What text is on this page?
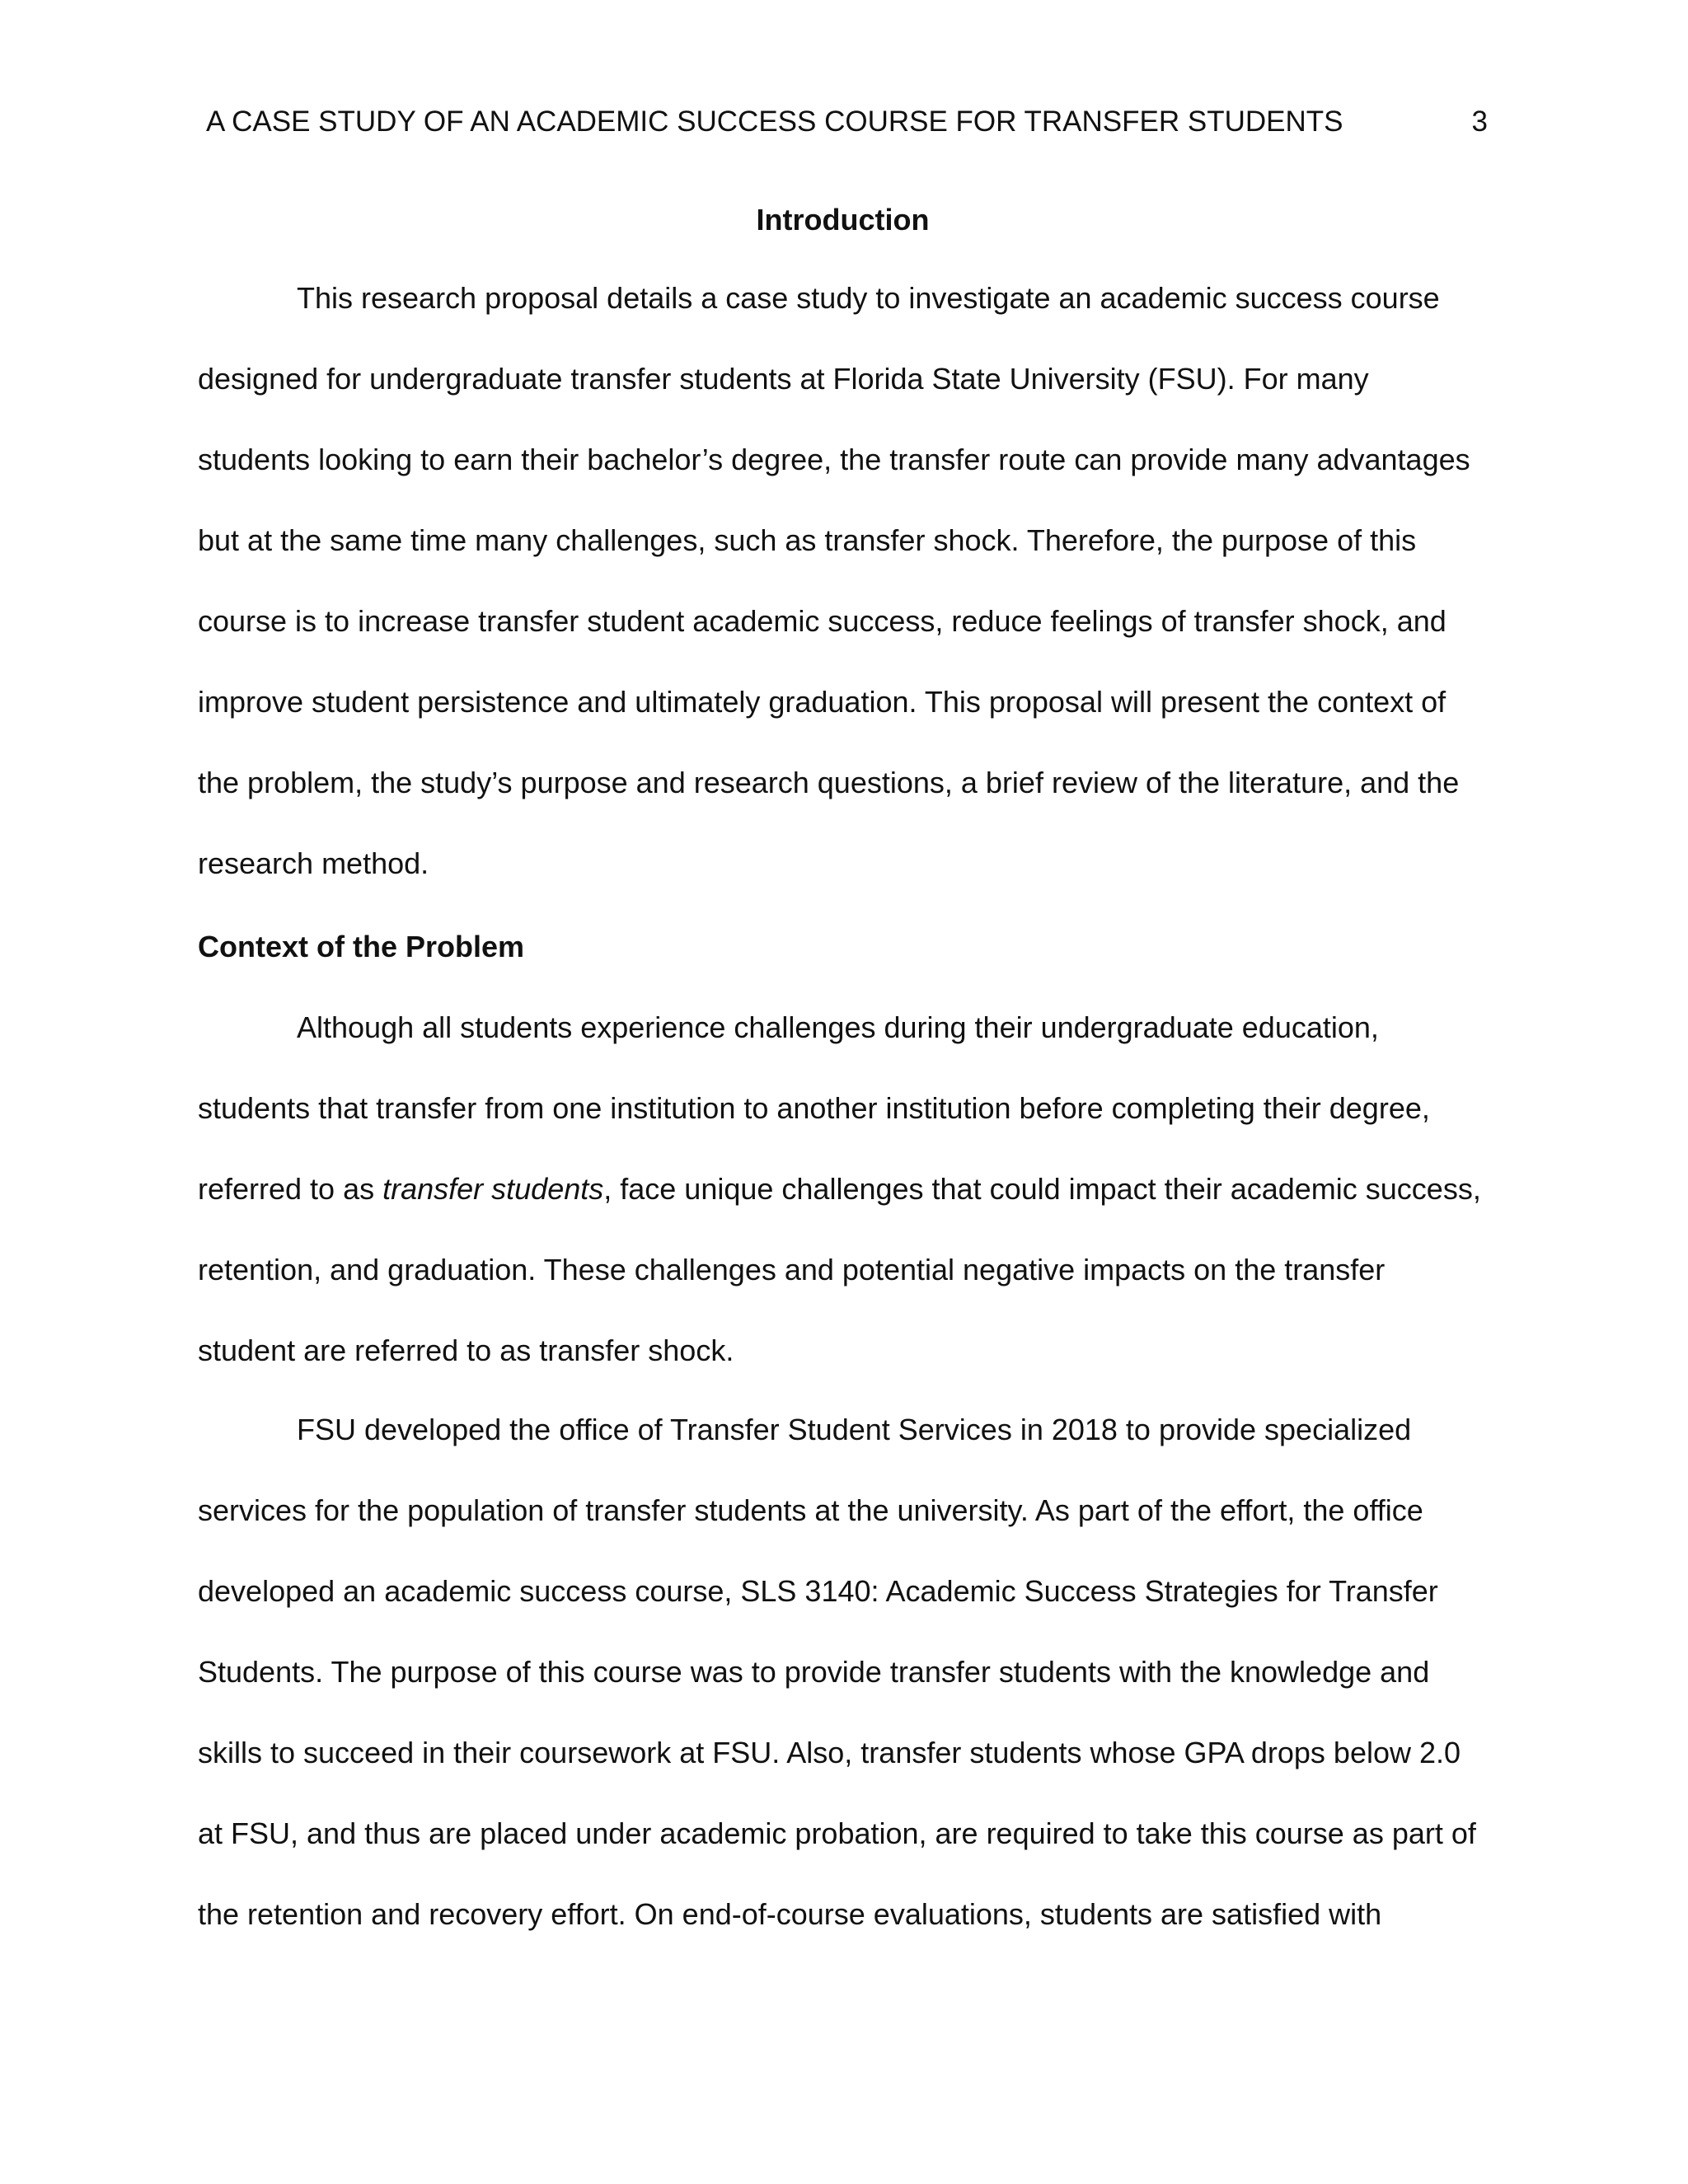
A CASE STUDY OF AN ACADEMIC SUCCESS COURSE FOR TRANSFER STUDENTS	3
Introduction

This research proposal details a case study to investigate an academic success course designed for undergraduate transfer students at Florida State University (FSU). For many students looking to earn their bachelor’s degree, the transfer route can provide many advantages but at the same time many challenges, such as transfer shock. Therefore, the purpose of this course is to increase transfer student academic success, reduce feelings of transfer shock, and improve student persistence and ultimately graduation. This proposal will present the context of the problem, the study’s purpose and research questions, a brief review of the literature, and the research method.

Context of the Problem

Although all students experience challenges during their undergraduate education, students that transfer from one institution to another institution before completing their degree, referred to as transfer students, face unique challenges that could impact their academic success, retention, and graduation. These challenges and potential negative impacts on the transfer student are referred to as transfer shock.

FSU developed the office of Transfer Student Services in 2018 to provide specialized services for the population of transfer students at the university. As part of the effort, the office developed an academic success course, SLS 3140: Academic Success Strategies for Transfer Students. The purpose of this course was to provide transfer students with the knowledge and skills to succeed in their coursework at FSU. Also, transfer students whose GPA drops below 2.0 at FSU, and thus are placed under academic probation, are required to take this course as part of the retention and recovery effort. On end-of-course evaluations, students are satisfied with
